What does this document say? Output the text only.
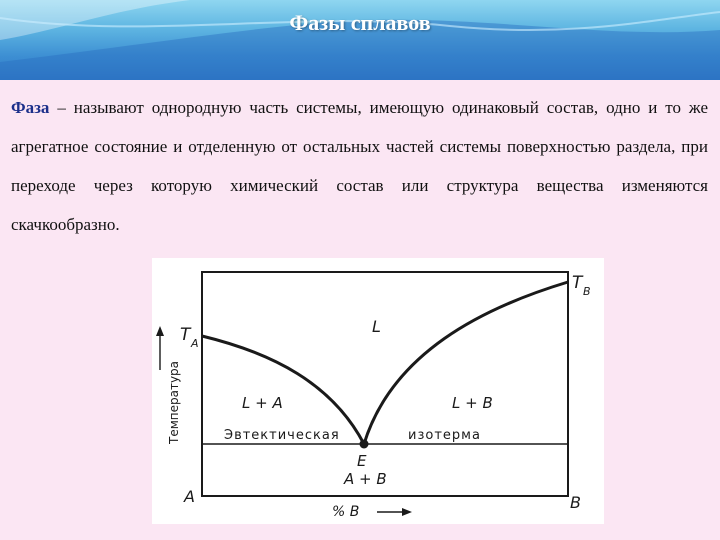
Фазы сплавов
Фаза – называют однородную часть системы, имеющую одинаковый состав, одно и то же агрегатное состояние и отделенную от остальных частей системы поверхностью раздела, при переходе через которую химический состав или структура вещества изменяются скачкообразно.
T A
T B
L
L + A	L + B
Эвтектическая	изотерма
E
A + B
A	B
Температура
% B
